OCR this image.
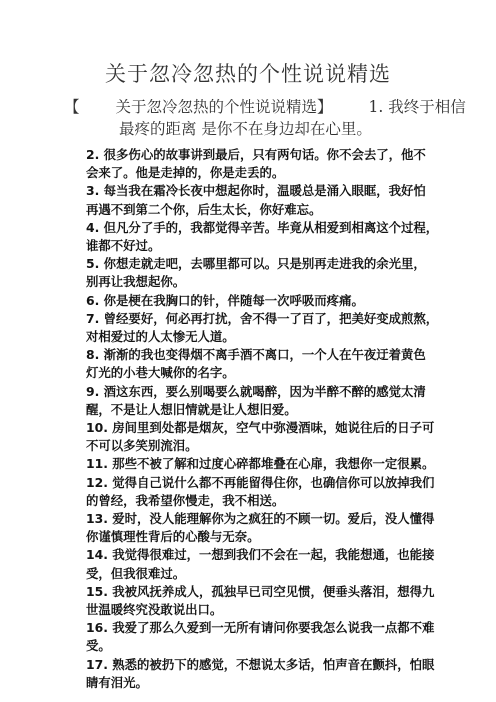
关于忽冷忽热的个性说说精选
【 关于忽冷忽热的个性说说精选】 1. 我终于相信
最疼的距离 是你不在身边却在心里。
2. 很多伤心的故事讲到最后，只有两句话。你不会去了，他不
会来了。他是走掉的，你是走丢的。
3. 每当我在霜冷长夜中想起你时，温暖总是涌入眼眶，我好怕
再遇不到第二个你，后生太长，你好难忘。
4. 但凡分了手的，我都觉得辛苦。毕竟从相爱到相离这个过程，
谁都不好过。
5. 你想走就走吧，去哪里都可以。只是别再走进我的余光里，
别再让我想起你。
6. 你是梗在我胸口的针，伴随每一次呼吸而疼痛。
7. 曾经要好，何必再打扰，舍不得一了百了，把美好变成煎熬，
对相爱过的人太惨无人道。
8. 渐渐的我也变得烟不离手酒不离口，一个人在午夜迂着黄色
灯光的小巷大喊你的名字。
9. 酒这东西，要么别喝要么就喝醉，因为半醉不醉的感觉太清
醒，不是让人想旧情就是让人想旧爱。
10. 房间里到处都是烟灰，空气中弥漫酒味，她说往后的日子可
不可以多笑别流泪。
11. 那些不被了解和过度心碎都堆叠在心扉，我想你一定很累。
12. 觉得自己说什么都不再能留得住你，也确信你可以放掉我们
的曾经，我希望你慢走，我不相送。
13. 爱时，没人能理解你为之疯狂的不顾一切。爱后，没人懂得
你谨慎理性背后的心酸与无奈。
14. 我觉得很难过，一想到我们不会在一起，我能想通，也能接
受，但我很难过。
15. 我被风抚养成人，孤独早已司空见惯，便垂头落泪，想得九
世温暖终究没敢说出口。
16. 我爱了那么久爱到一无所有请问你要我怎么说我一点都不难
受。
17. 熟悉的被扔下的感觉，不想说太多话，怕声音在颤抖，怕眼
睛有泪光。
